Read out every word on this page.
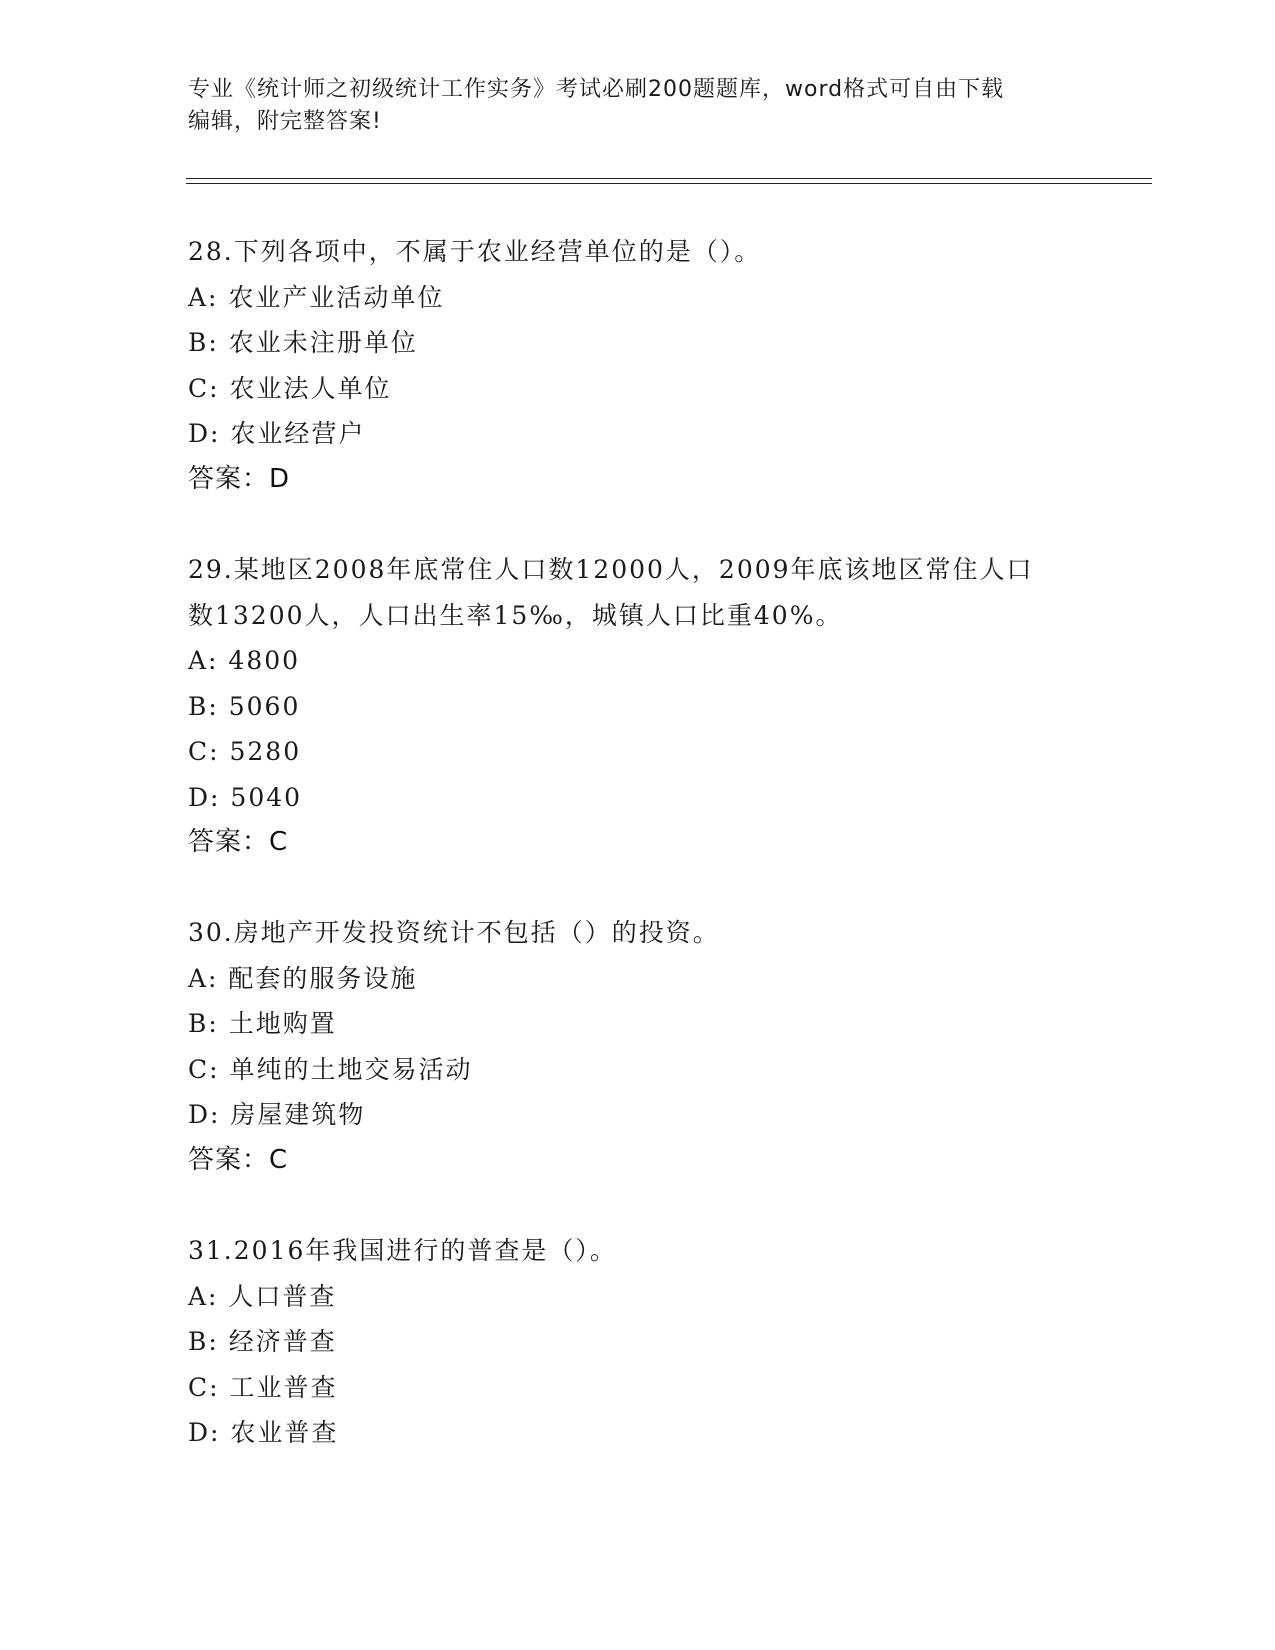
专业《统计师之初级统计工作实务》考试必刷200题题库，word格式可自由下载
编辑，附完整答案!
28.下列各项中，不属于农业经营单位的是（）。
A: 农业产业活动单位
B: 农业未注册单位
C: 农业法人单位
D: 农业经营户
答案：D
29.某地区2008年底常住人口数12000人，2009年底该地区常住人口
数13200人，人口出生率15‰，城镇人口比重40%。
A: 4800
B: 5060
C: 5280
D: 5040
答案：C
30.房地产开发投资统计不包括（）的投资。
A: 配套的服务设施
B: 土地购置
C: 单纯的土地交易活动
D: 房屋建筑物
答案：C
31.2016年我国进行的普查是（）。
A: 人口普查
B: 经济普查
C: 工业普查
D: 农业普查
